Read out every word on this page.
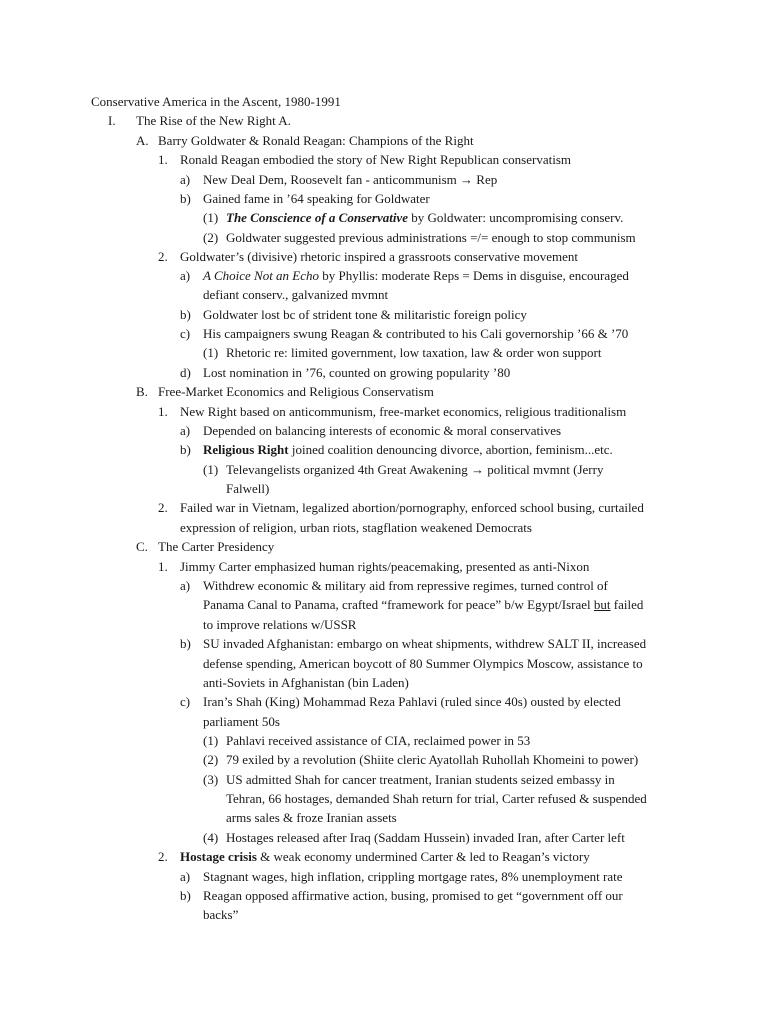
Conservative America in the Ascent, 1980-1991
I. The Rise of the New Right A.
A. Barry Goldwater & Ronald Reagan: Champions of the Right
1. Ronald Reagan embodied the story of New Right Republican conservatism
a) New Deal Dem, Roosevelt fan - anticommunism → Rep
b) Gained fame in ’64 speaking for Goldwater
(1) The Conscience of a Conservative by Goldwater: uncompromising conserv.
(2) Goldwater suggested previous administrations =/= enough to stop communism
2. Goldwater’s (divisive) rhetoric inspired a grassroots conservative movement
a) A Choice Not an Echo by Phyllis: moderate Reps = Dems in disguise, encouraged
defiant conserv., galvanized mvmnt
b) Goldwater lost bc of strident tone & militaristic foreign policy
c) His campaigners swung Reagan & contributed to his Cali governorship ’66 & ’70
(1) Rhetoric re: limited government, low taxation, law & order won support
d) Lost nomination in ’76, counted on growing popularity ’80
B. Free-Market Economics and Religious Conservatism
1. New Right based on anticommunism, free-market economics, religious traditionalism
a) Depended on balancing interests of economic & moral conservatives
b) Religious Right joined coalition denouncing divorce, abortion, feminism...etc.
(1) Televangelists organized 4th Great Awakening → political mvmnt (Jerry
Falwell)
2. Failed war in Vietnam, legalized abortion/pornography, enforced school busing, curtailed
expression of religion, urban riots, stagflation weakened Democrats
C. The Carter Presidency
1. Jimmy Carter emphasized human rights/peacemaking, presented as anti-Nixon
a) Withdrew economic & military aid from repressive regimes, turned control of
Panama Canal to Panama, crafted “framework for peace” b/w Egypt/Israel but failed
to improve relations w/USSR
b) SU invaded Afghanistan: embargo on wheat shipments, withdrew SALT II, increased
defense spending, American boycott of 80 Summer Olympics Moscow, assistance to
anti-Soviets in Afghanistan (bin Laden)
c) Iran’s Shah (King) Mohammad Reza Pahlavi (ruled since 40s) ousted by elected
parliament 50s
(1) Pahlavi received assistance of CIA, reclaimed power in 53
(2) 79 exiled by a revolution (Shiite cleric Ayatollah Ruhollah Khomeini to power)
(3) US admitted Shah for cancer treatment, Iranian students seized embassy in
Tehran, 66 hostages, demanded Shah return for trial, Carter refused & suspended
arms sales & froze Iranian assets
(4) Hostages released after Iraq (Saddam Hussein) invaded Iran, after Carter left
2. Hostage crisis & weak economy undermined Carter & led to Reagan’s victory
a) Stagnant wages, high inflation, crippling mortgage rates, 8% unemployment rate
b) Reagan opposed affirmative action, busing, promised to get “government off our
backs”
